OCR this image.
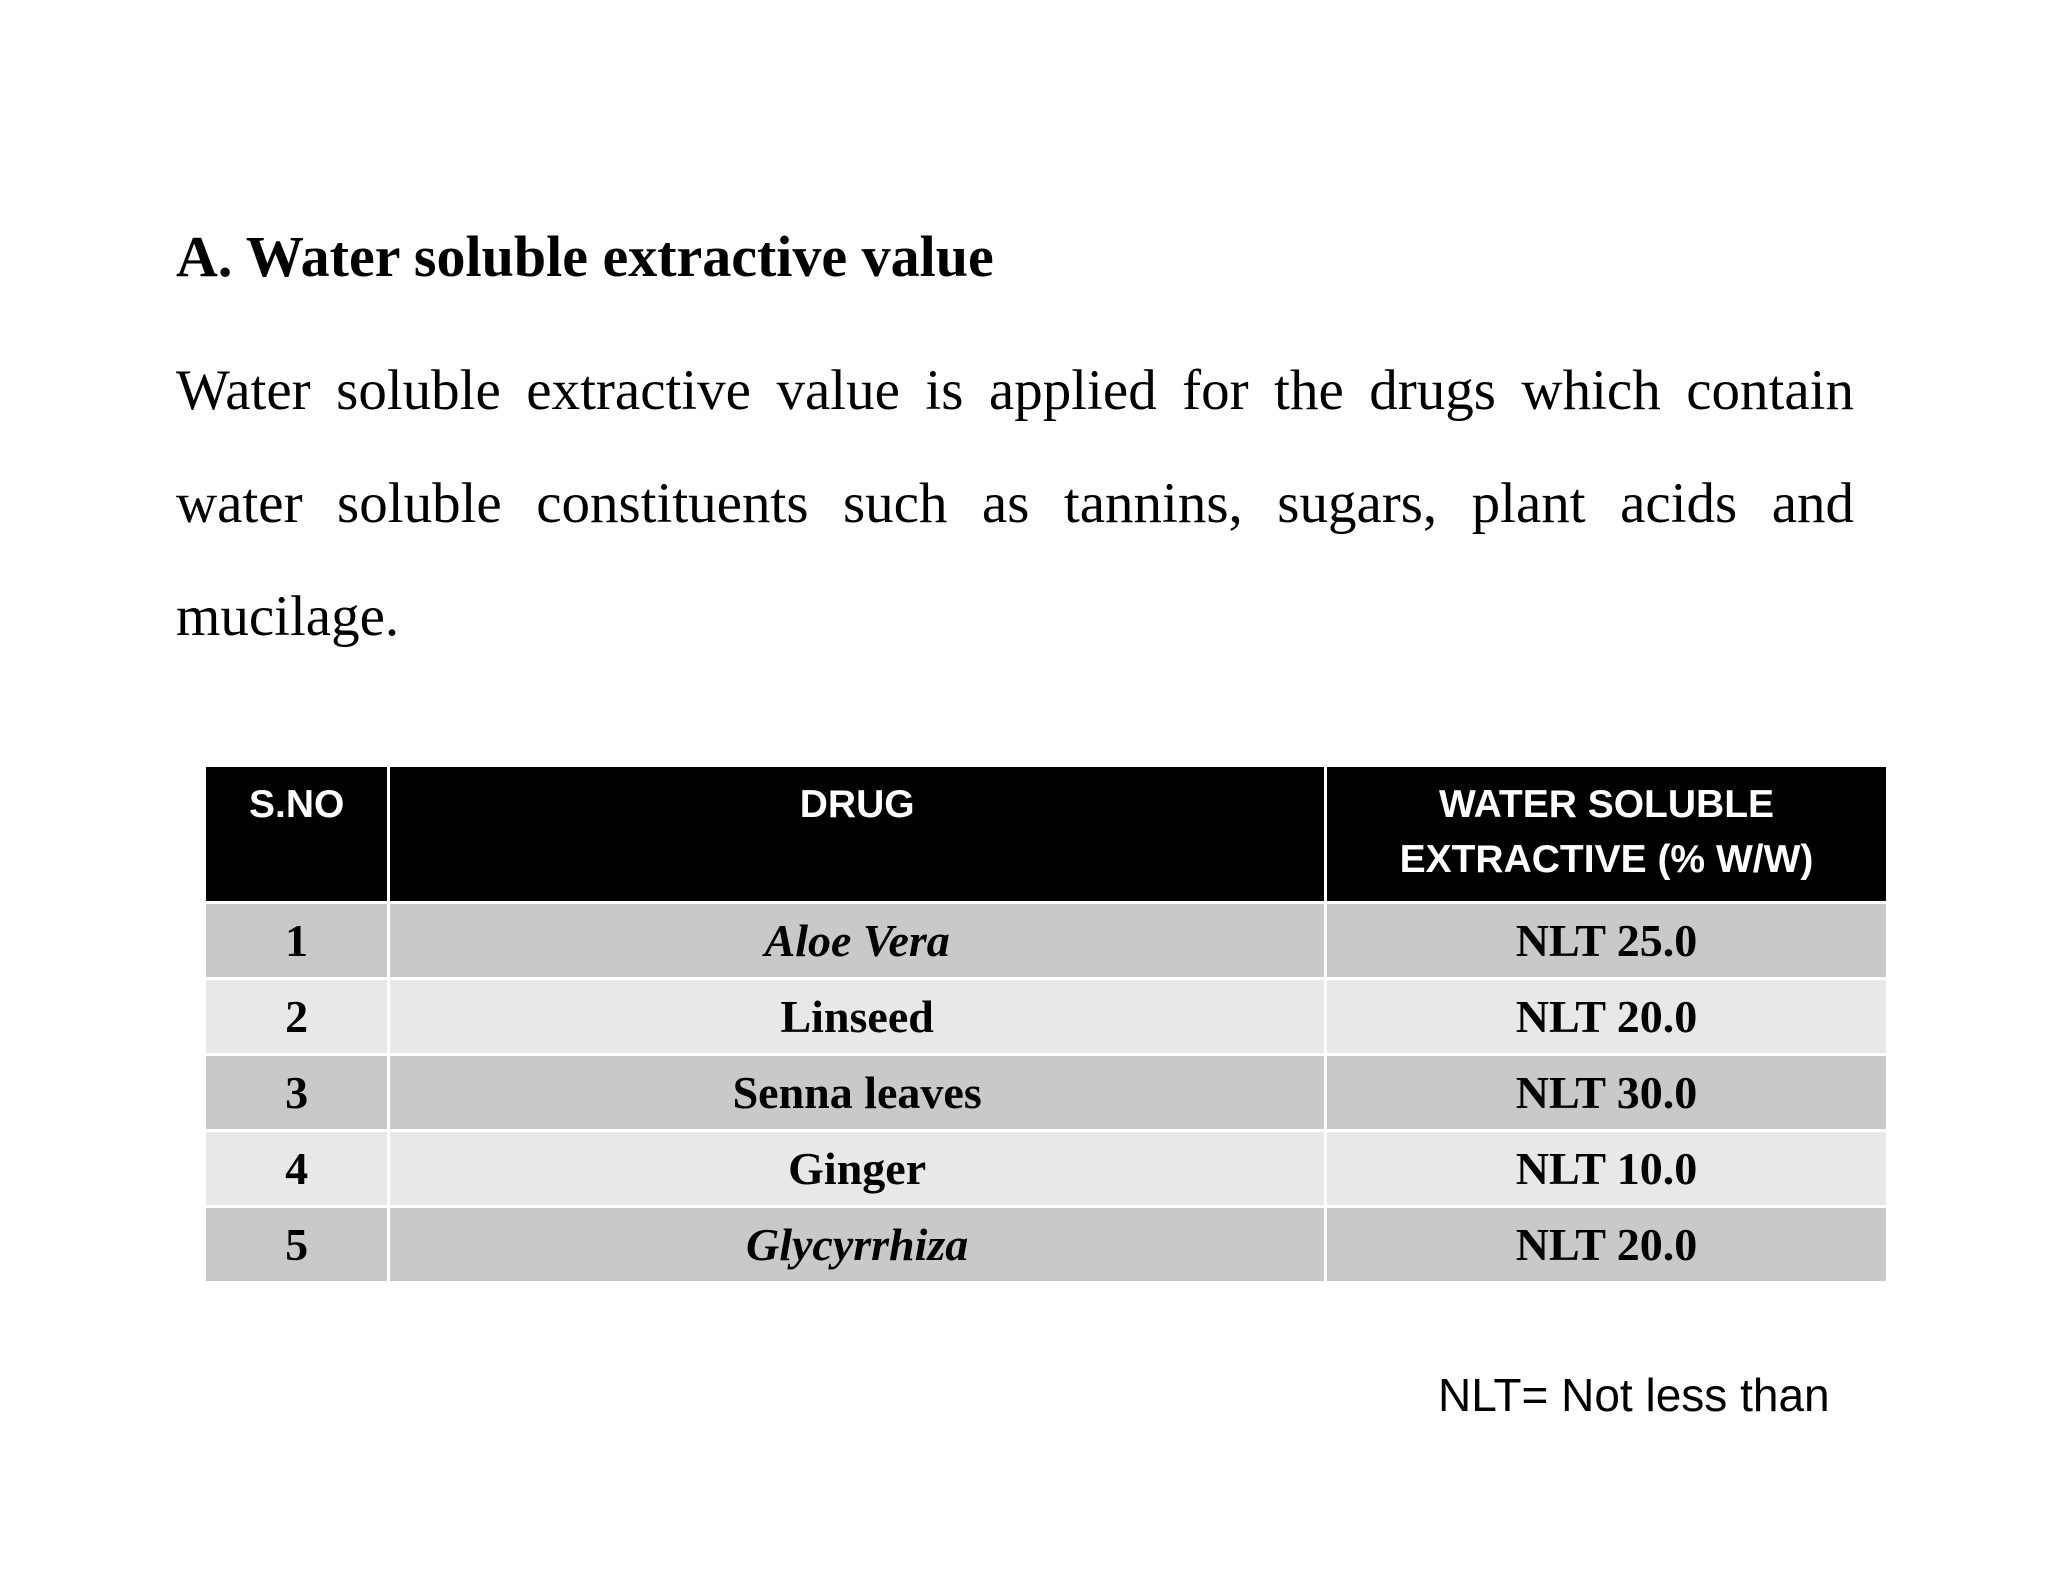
A. Water soluble extractive value

Water soluble extractive value is applied for the drugs which contain water soluble constituents such as tannins, sugars, plant acids and mucilage.

S.NO	DRUG	WATER SOLUBLE EXTRACTIVE (% W/W)
1	Aloe Vera	NLT 25.0
2	Linseed	NLT 20.0
3	Senna leaves	NLT 30.0
4	Ginger	NLT 10.0
5	Glycyrrhiza	NLT 20.0

NLT= Not less than
